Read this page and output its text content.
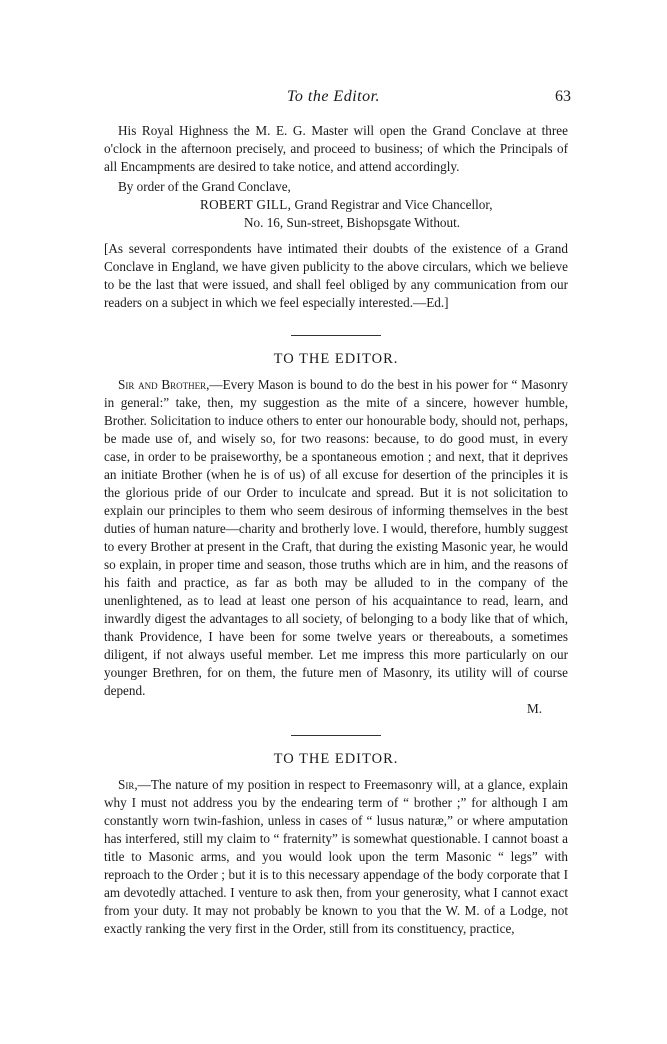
To the Editor.	63

His Royal Highness the M. E. G. Master will open the Grand Conclave at three o'clock in the afternoon precisely, and proceed to business; of which the Principals of all Encampments are desired to take notice, and attend accordingly.

By order of the Grand Conclave,

ROBERT GILL, Grand Registrar and Vice Chancellor,

No. 16, Sun-street, Bishopsgate Without.

[As several correspondents have intimated their doubts of the existence of a Grand Conclave in England, we have given publicity to the above circulars, which we believe to be the last that were issued, and shall feel obliged by any communication from our readers on a subject in which we feel especially interested.—Ed.]

TO THE EDITOR.

Sir and Brother,—Every Mason is bound to do the best in his power for “ Masonry in general:” take, then, my suggestion as the mite of a sincere, however humble, Brother. Solicitation to induce others to enter our honourable body, should not, perhaps, be made use of, and wisely so, for two reasons: because, to do good must, in every case, in order to be praiseworthy, be a spontaneous emotion ; and next, that it deprives an initiate Brother (when he is of us) of all excuse for desertion of the principles it is the glorious pride of our Order to inculcate and spread. But it is not solicitation to explain our principles to them who seem desirous of informing themselves in the best duties of human nature—charity and brotherly love. I would, therefore, humbly suggest to every Brother at present in the Craft, that during the existing Masonic year, he would so explain, in proper time and season, those truths which are in him, and the reasons of his faith and practice, as far as both may be alluded to in the company of the unenlightened, as to lead at least one person of his acquaintance to read, learn, and inwardly digest the advantages to all society, of belonging to a body like that of which, thank Providence, I have been for some twelve years or thereabouts, a sometimes diligent, if not always useful member. Let me impress this more particularly on our younger Brethren, for on them, the future men of Masonry, its utility will of course depend.

M.

TO THE EDITOR.

Sir,—The nature of my position in respect to Freemasonry will, at a glance, explain why I must not address you by the endearing term of “ brother ;” for although I am constantly worn twin-fashion, unless in cases of “ lusus naturæ,” or where amputation has interfered, still my claim to “ fraternity” is somewhat questionable. I cannot boast a title to Masonic arms, and you would look upon the term Masonic “ legs” with reproach to the Order ; but it is to this necessary appendage of the body corporate that I am devotedly attached. I venture to ask then, from your generosity, what I cannot exact from your duty. It may not probably be known to you that the W. M. of a Lodge, not exactly ranking the very first in the Order, still from its constituency, practice,
